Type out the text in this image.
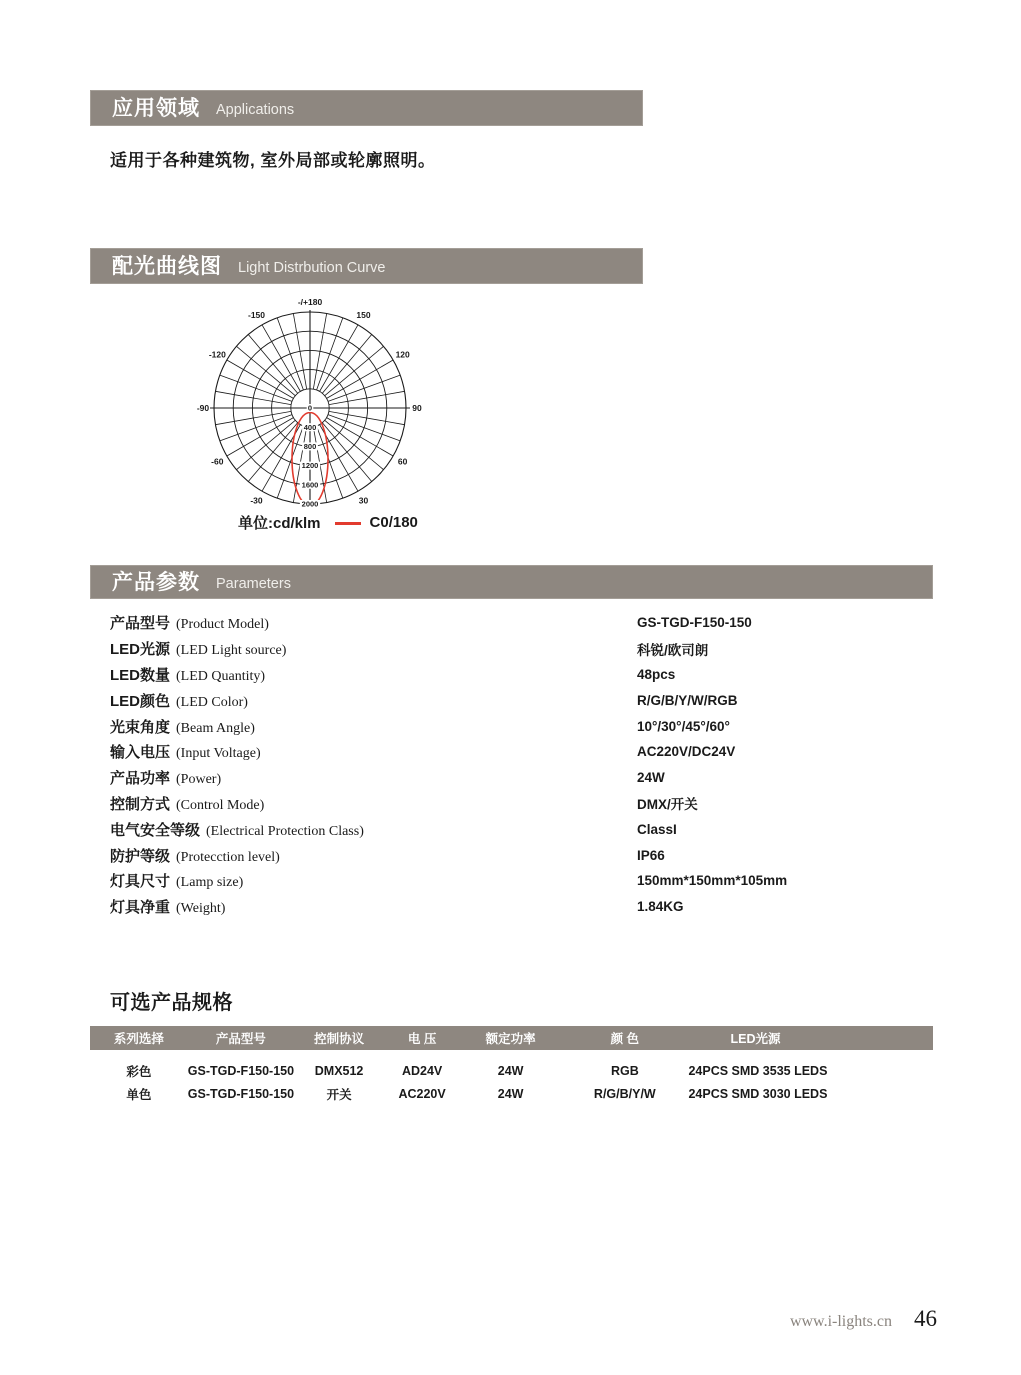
应用领域 Applications
适用于各种建筑物, 室外局部或轮廓照明。
配光曲线图 Light Distrbution Curve
0
400
800
1200
1600
2000
-/+180
-150	150
-120	120
-90	90
-60	60
-30	30
单位:cd/klm	C0/180
产品参数 Parameters
产品型号 (Product Model)	GS-TGD-F150-150
LED光源 (LED Light source)	科锐/欧司朗
LED数量 (LED Quantity)	48pcs
LED颜色 (LED Color)	R/G/B/Y/W/RGB
光束角度 (Beam Angle)	10°/30°/45°/60°
输入电压 (Input Voltage)	AC220V/DC24V
产品功率 (Power)	24W
控制方式 (Control Mode)	DMX/开关
电气安全等级 (Electrical Protection Class)	ClassI
防护等级 (Protecction level)	IP66
灯具尺寸 (Lamp size)	150mm*150mm*105mm
灯具净重 (Weight)	1.84KG
可选产品规格
系列选择	产品型号	控制协议	电 压	额定功率	颜 色	LED光源	
彩色	GS-TGD-F150-150	DMX512	AD24V	24W	RGB	24PCS SMD 3535 LEDS	
单色	GS-TGD-F150-150	开关	AC220V	24W	R/G/B/Y/W	24PCS SMD 3030 LEDS	
www.i-lights.cn 46
